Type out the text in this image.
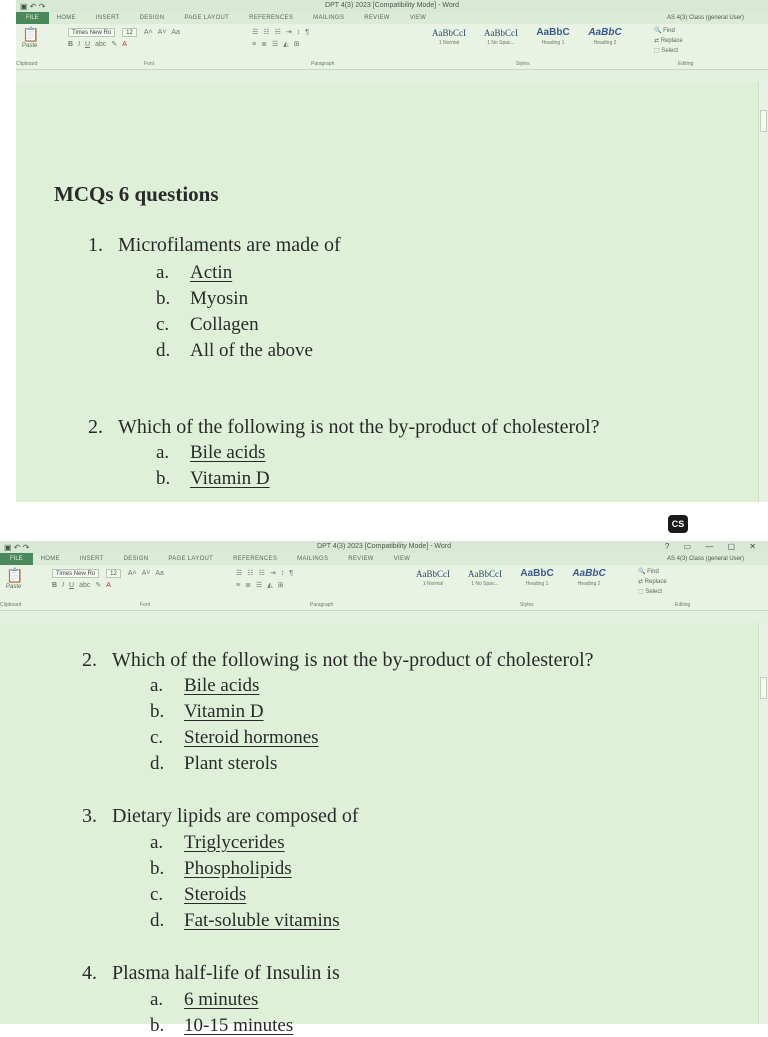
▣ ↶ ↷	DPT 4(3) 2023 [Compatibility Mode] - Word
FILE	HOME	INSERT	DESIGN	PAGE LAYOUT	REFERENCES	MAILINGS	REVIEW	VIEW	AS 4(3) Class (general User)
📋
Paste
Times New Ro	12	A˄ A˅ Aa
B I U abc ✎ A
☰ ☷ ☵ ⇥ ↕ ¶
≡ ≣ ☰ ◭ ⊞
AaBbCcI
1 Normal
AaBbCcI
1 No Spac...
AaBbC
Heading 1
AaBbC
Heading 2
🔍 Find
⇄ Replace
⬚ Select
Clipboard	Font	Paragraph	Styles	Editing
MCQs 6 questions
1. Microfilaments are made of
a. Actin
b. Myosin
c. Collagen
d. All of the above
2. Which of the following is not the by-product of cholesterol?
a. Bile acids
b. Vitamin D
CS
▣ ↶ ↷	DPT 4(3) 2023 [Compatibility Mode] - Word	? ▭ — ▢ ✕
FILE	HOME	INSERT	DESIGN	PAGE LAYOUT	REFERENCES	MAILINGS	REVIEW	VIEW	AS 4(3) Class (general User)
📋
Paste
Times New Ro	12	A˄ A˅ Aa
B I U abc ✎ A
☰ ☷ ☵ ⇥ ↕ ¶
≡ ≣ ☰ ◭ ⊞
AaBbCcI
1 Normal
AaBbCcI
1 No Spac...
AaBbC
Heading 1
AaBbC
Heading 2
🔍 Find
⇄ Replace
⬚ Select
Clipboard	Font	Paragraph	Styles	Editing
2. Which of the following is not the by-product of cholesterol?
a. Bile acids
b. Vitamin D
c. Steroid hormones
d. Plant sterols
3. Dietary lipids are composed of
a. Triglycerides
b. Phospholipids
c. Steroids
d. Fat-soluble vitamins
4. Plasma half-life of Insulin is
a. 6 minutes
b. 10-15 minutes
